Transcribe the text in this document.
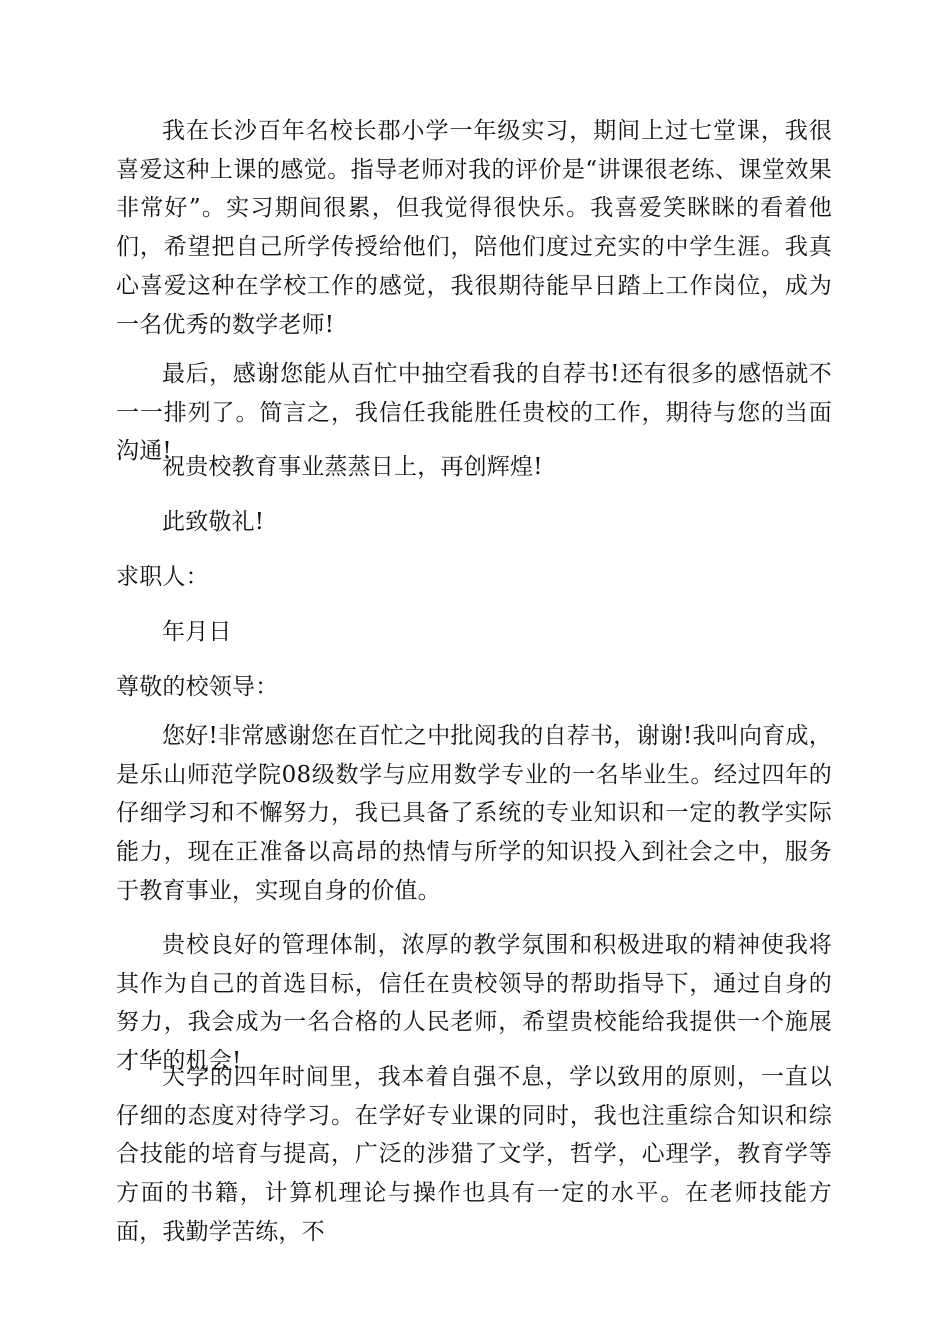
我在长沙百年名校长郡小学一年级实习，期间上过七堂课，我很喜爱这种上课的感觉。指导老师对我的评价是“讲课很老练、课堂效果非常好”。实习期间很累，但我觉得很快乐。我喜爱笑眯眯的看着他们，希望把自己所学传授给他们，陪他们度过充实的中学生涯。我真心喜爱这种在学校工作的感觉，我很期待能早日踏上工作岗位，成为一名优秀的数学老师!

最后，感谢您能从百忙中抽空看我的自荐书!还有很多的感悟就不一一排列了。简言之，我信任我能胜任贵校的工作，期待与您的当面沟通!

祝贵校教育事业蒸蒸日上，再创辉煌!

此致敬礼!

求职人：

年月日

尊敬的校领导：

您好!非常感谢您在百忙之中批阅我的自荐书，谢谢!我叫向育成，是乐山师范学院08级数学与应用数学专业的一名毕业生。经过四年的仔细学习和不懈努力，我已具备了系统的专业知识和一定的教学实际能力，现在正准备以高昂的热情与所学的知识投入到社会之中，服务于教育事业，实现自身的价值。

贵校良好的管理体制，浓厚的教学氛围和积极进取的精神使我将其作为自己的首选目标，信任在贵校领导的帮助指导下，通过自身的努力，我会成为一名合格的人民老师，希望贵校能给我提供一个施展才华的机会!

大学的四年时间里，我本着自强不息，学以致用的原则，一直以仔细的态度对待学习。在学好专业课的同时，我也注重综合知识和综合技能的培育与提高，广泛的涉猎了文学，哲学，心理学，教育学等方面的书籍，计算机理论与操作也具有一定的水平。在老师技能方面，我勤学苦练，不
